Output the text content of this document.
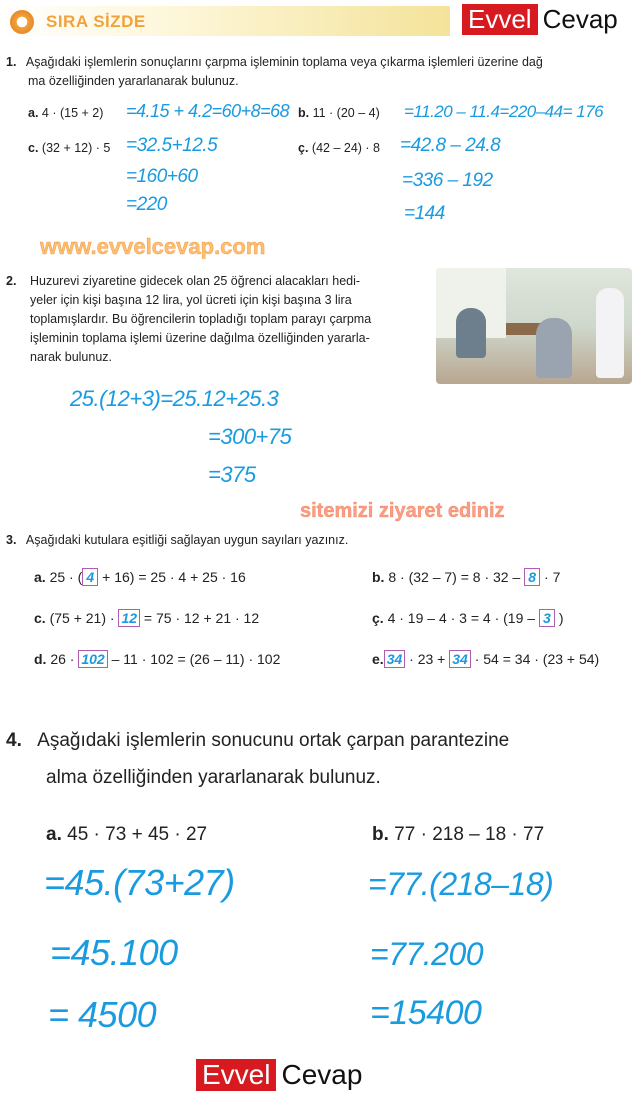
SIRA SİZDE	Evvel Cevap
1. Aşağıdaki işlemlerin sonuçlarını çarpma işleminin toplama veya çıkarma işlemleri üzerine dağ
ma özelliğinden yararlanarak bulunuz.
a. 4 · (15 + 2) =4.15 + 4.2=60+8=68 b. 11 · (20 – 4) =11.20 – 11.4=220–44= 176
c. (32 + 12) · 5 =32.5+12.5
=160+60
=220
ç. (42 – 24) · 8 =42.8 – 24.8
=336 – 192
=144
www.evvelcevap.com
2. Huzurevi ziyaretine gidecek olan 25 öğrenci alacakları hedi-
yeler için kişi başına 12 lira, yol ücreti için kişi başına 3 lira
toplamışlardır. Bu öğrencilerin topladığı toplam parayı çarpma
işleminin toplama işlemi üzerine dağılma özelliğinden yararla-
narak bulunuz.
25.(12+3)=25.12+25.3
=300+75
=375
sitemizi ziyaret ediniz
3. Aşağıdaki kutulara eşitliği sağlayan uygun sayıları yazınız.
a. 25 · ( 4 + 16) = 25 · 4 + 25 · 16	b. 8 · (32 – 7) = 8 · 32 – 8 · 7
c. (75 + 21) · 12 = 75 · 12 + 21 · 12	ç. 4 · 19 – 4 · 3 = 4 · (19 – 3 )
d. 26 · 102 – 11 · 102 = (26 – 11) · 102	e. 34 · 23 + 34 · 54 = 34 · (23 + 54)
4. Aşağıdaki işlemlerin sonucunu ortak çarpan parantezine
alma özelliğinden yararlanarak bulunuz.
a. 45 · 73 + 45 · 27	b. 77 · 218 – 18 · 77
=45.(73+27)
=45.100
= 4500
=77.(218–18)
=77.200
=15400
Evvel Cevap
